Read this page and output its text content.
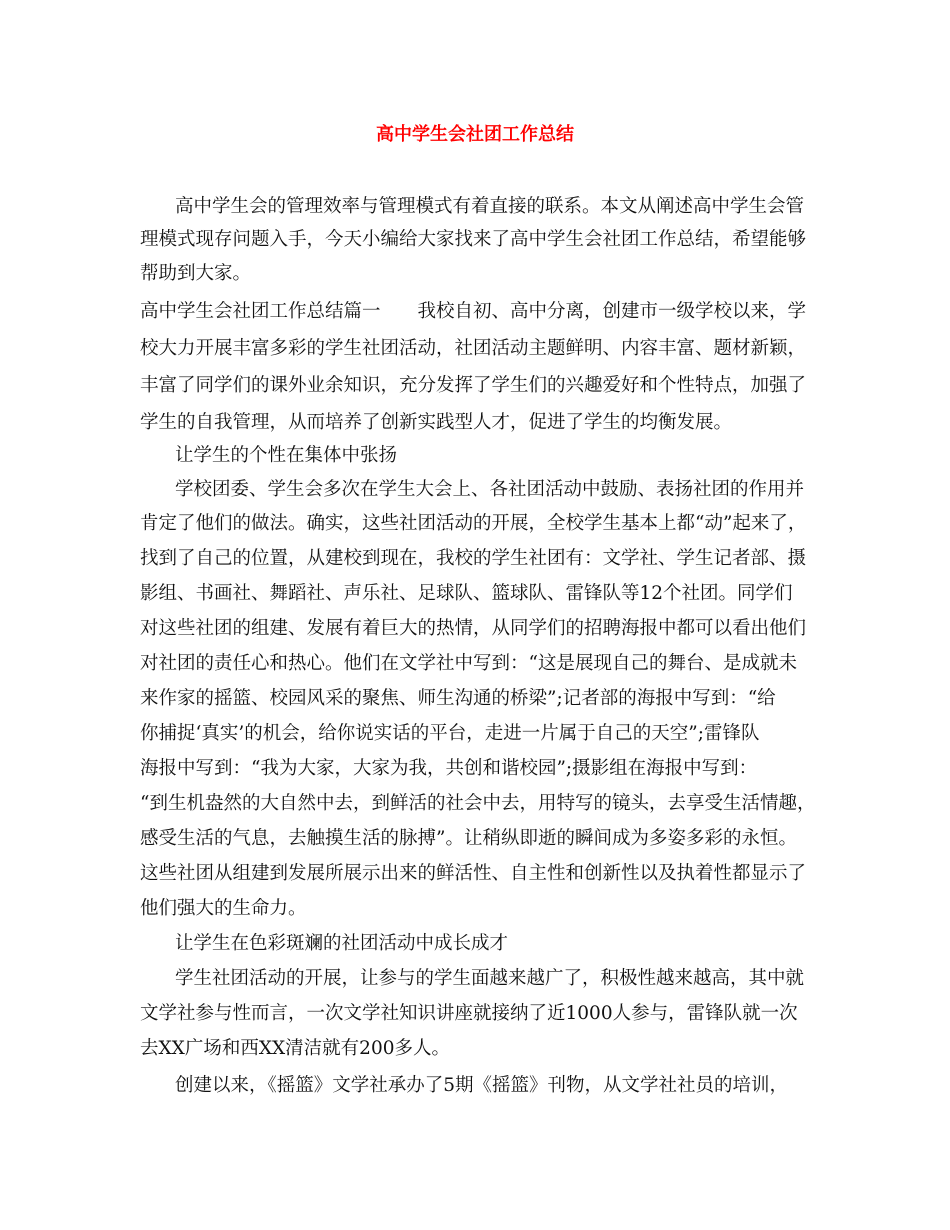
高中学生会社团工作总结
高中学生会的管理效率与管理模式有着直接的联系。本文从阐述高中学生会管
理模式现存问题入手，今天小编给大家找来了高中学生会社团工作总结，希望能够
帮助到大家。
高中学生会社团工作总结篇一　　我校自初、高中分离，创建市一级学校以来，学
校大力开展丰富多彩的学生社团活动，社团活动主题鲜明、内容丰富、题材新颖，
丰富了同学们的课外业余知识，充分发挥了学生们的兴趣爱好和个性特点，加强了
学生的自我管理，从而培养了创新实践型人才，促进了学生的均衡发展。
让学生的个性在集体中张扬
学校团委、学生会多次在学生大会上、各社团活动中鼓励、表扬社团的作用并
肯定了他们的做法。确实，这些社团活动的开展，全校学生基本上都“动”起来了，
找到了自己的位置，从建校到现在，我校的学生社团有：文学社、学生记者部、摄
影组、书画社、舞蹈社、声乐社、足球队、篮球队、雷锋队等12个社团。同学们
对这些社团的组建、发展有着巨大的热情，从同学们的招聘海报中都可以看出他们
对社团的责任心和热心。他们在文学社中写到：“这是展现自己的舞台、是成就未
来作家的摇篮、校园风采的聚焦、师生沟通的桥梁”;记者部的海报中写到：“给
你捕捉‘真实’的机会，给你说实话的平台，走进一片属于自己的天空”;雷锋队
海报中写到：“我为大家，大家为我，共创和谐校园”;摄影组在海报中写到：
“到生机盎然的大自然中去，到鲜活的社会中去，用特写的镜头，去享受生活情趣，
感受生活的气息，去触摸生活的脉搏”。让稍纵即逝的瞬间成为多姿多彩的永恒。
这些社团从组建到发展所展示出来的鲜活性、自主性和创新性以及执着性都显示了
他们强大的生命力。
让学生在色彩斑斓的社团活动中成长成才
学生社团活动的开展，让参与的学生面越来越广了，积极性越来越高，其中就
文学社参与性而言，一次文学社知识讲座就接纳了近1000人参与，雷锋队就一次
去XX广场和西XX清洁就有200多人。
创建以来，《摇篮》文学社承办了5期《摇篮》刊物，从文学社社员的培训，
